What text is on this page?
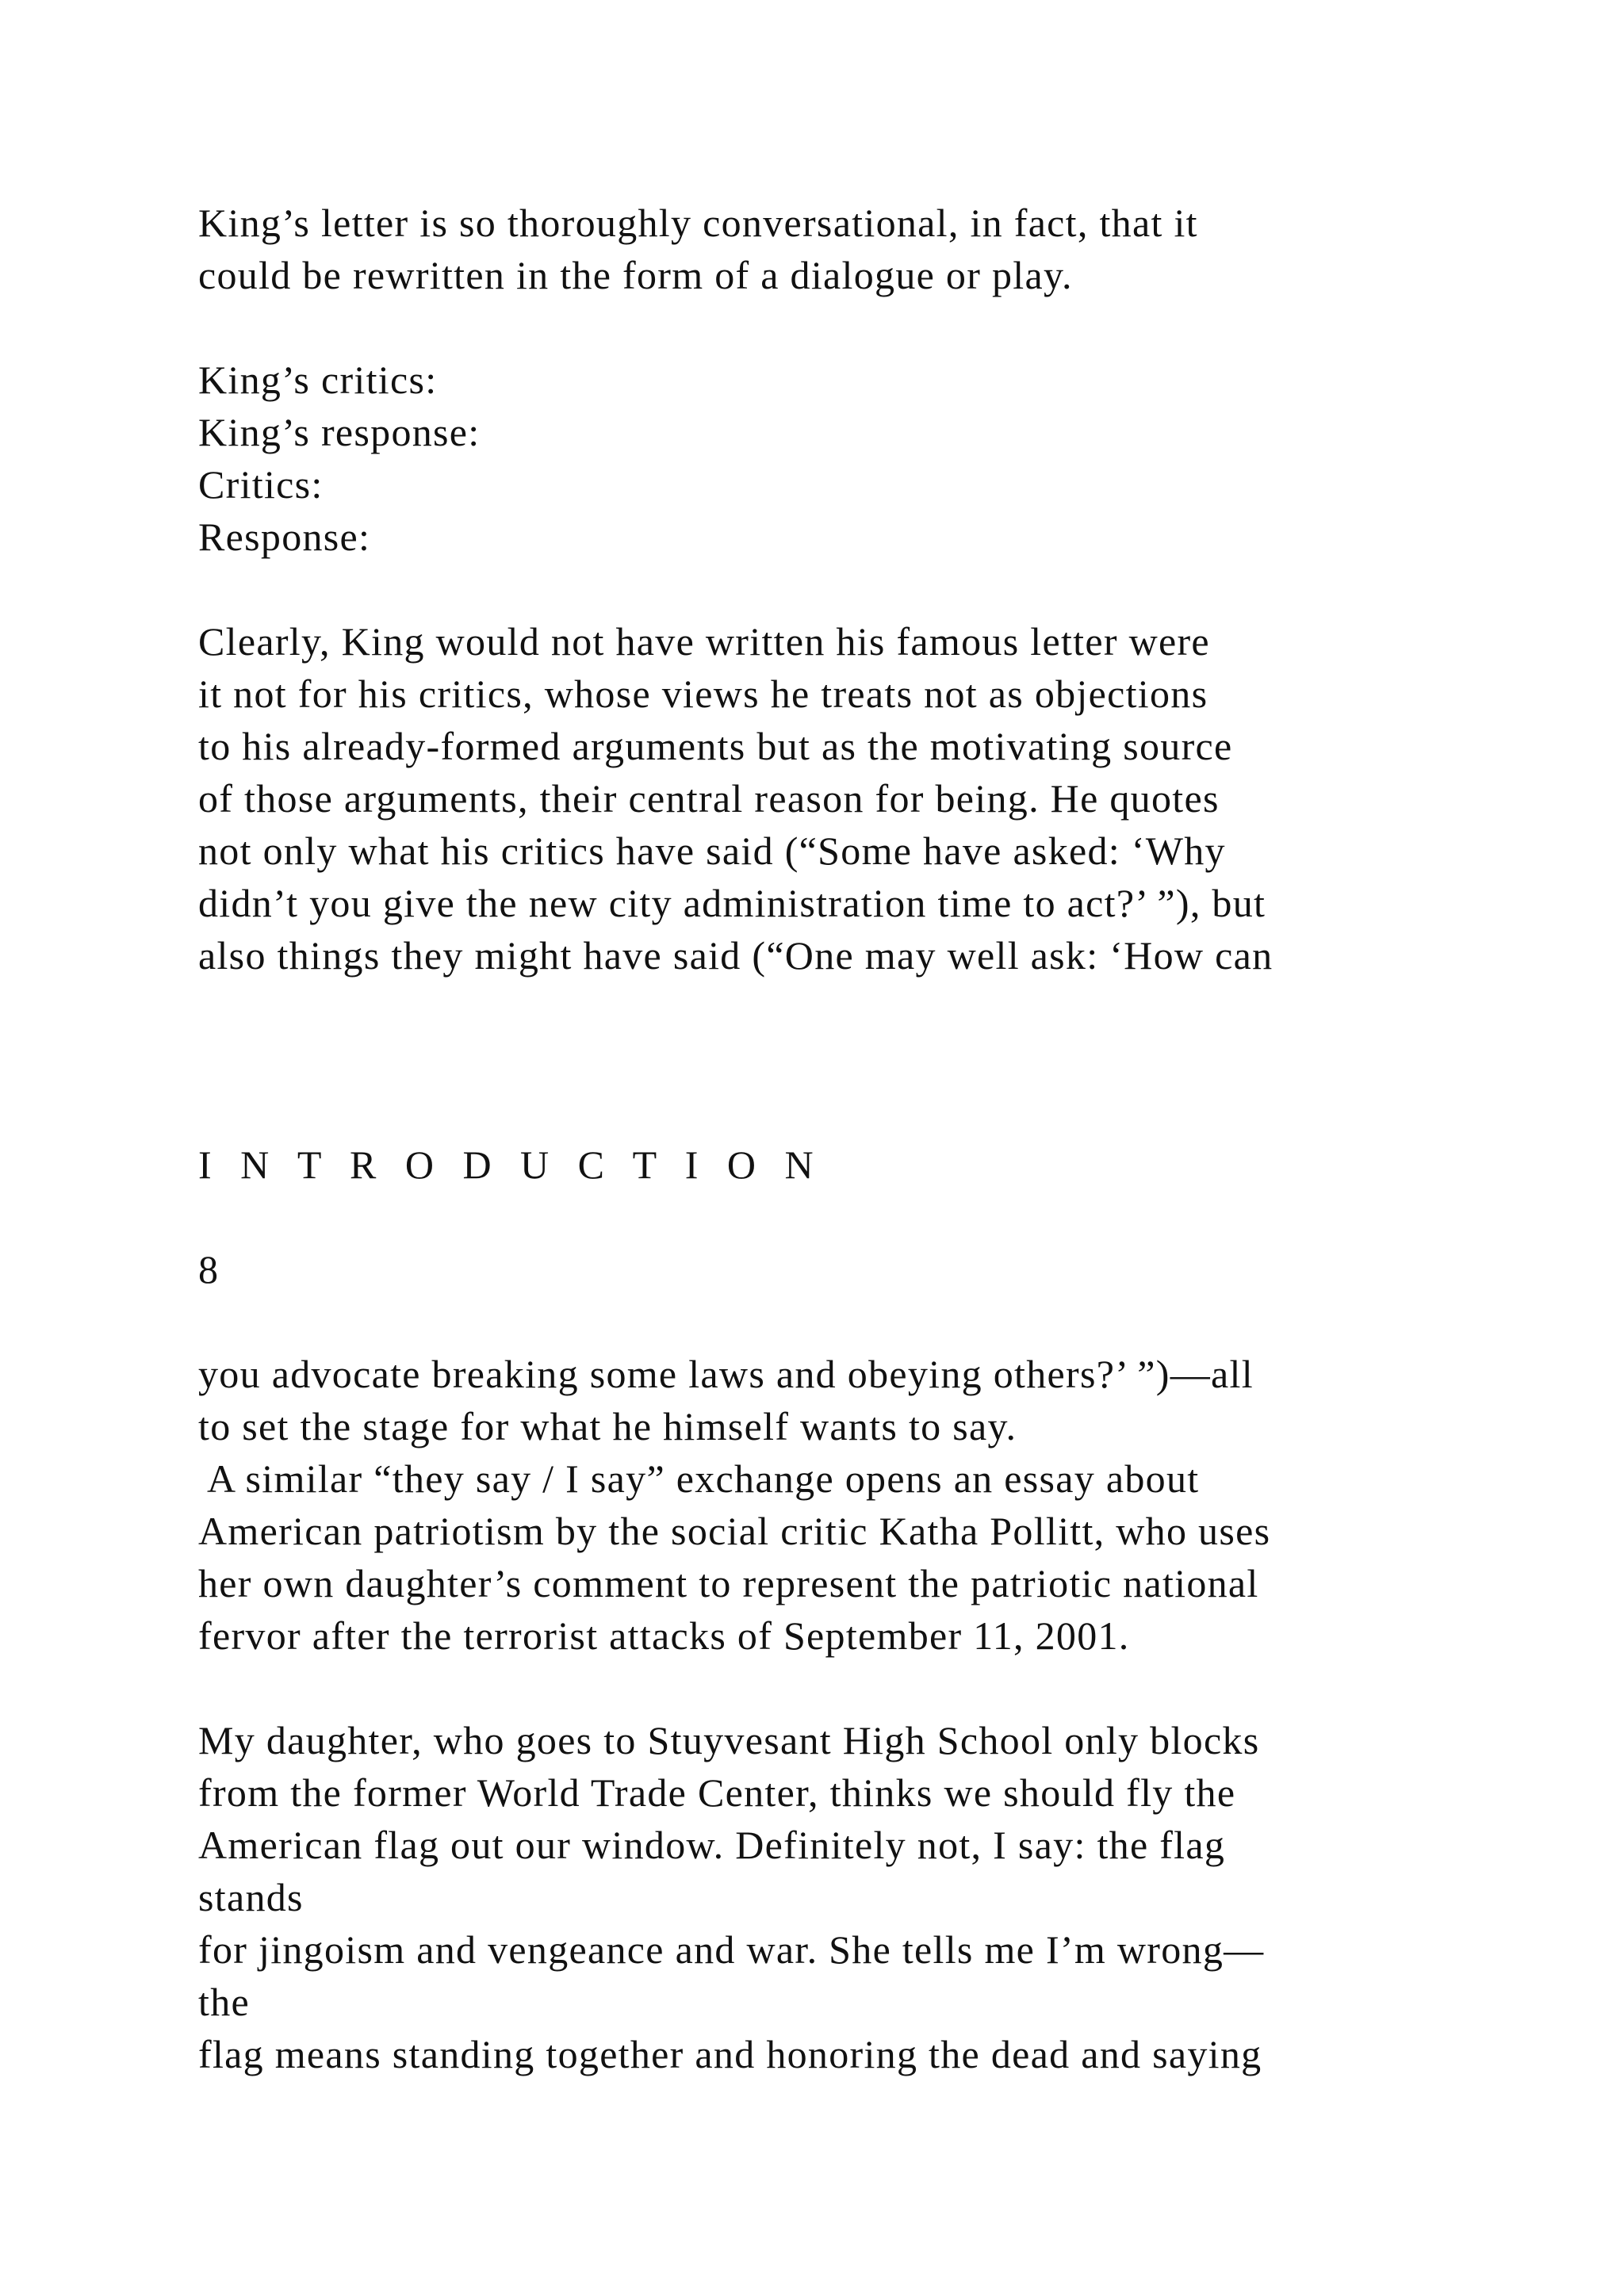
King’s letter is so thoroughly conversational, in fact, that it

could be rewritten in the form of a dialogue or play.

King’s critics:

King’s response:

Critics:

Response:

Clearly, King would not have written his famous letter were

it not for his critics, whose views he treats not as objections

to his already-formed arguments but as the motivating source

of those arguments, their central reason for being. He quotes

not only what his critics have said (“Some have asked: ‘Why

didn’t you give the new city administration time to act?’ ”), but

also things they might have said (“One may well ask: ‘How can

I N T R O D U C T I O N

8

you advocate breaking some laws and obeying others?’ ”)—all

to set the stage for what he himself wants to say.

A similar “they say / I say” exchange opens an essay about

American patriotism by the social critic Katha Pollitt, who uses

her own daughter’s comment to represent the patriotic national

fervor after the terrorist attacks of September 11, 2001.

My daughter, who goes to Stuyvesant High School only blocks

from the former World Trade Center, thinks we should fly the

American flag out our window. Definitely not, I say: the flag

stands

for jingoism and vengeance and war. She tells me I’m wrong—

the

flag means standing together and honoring the dead and saying
